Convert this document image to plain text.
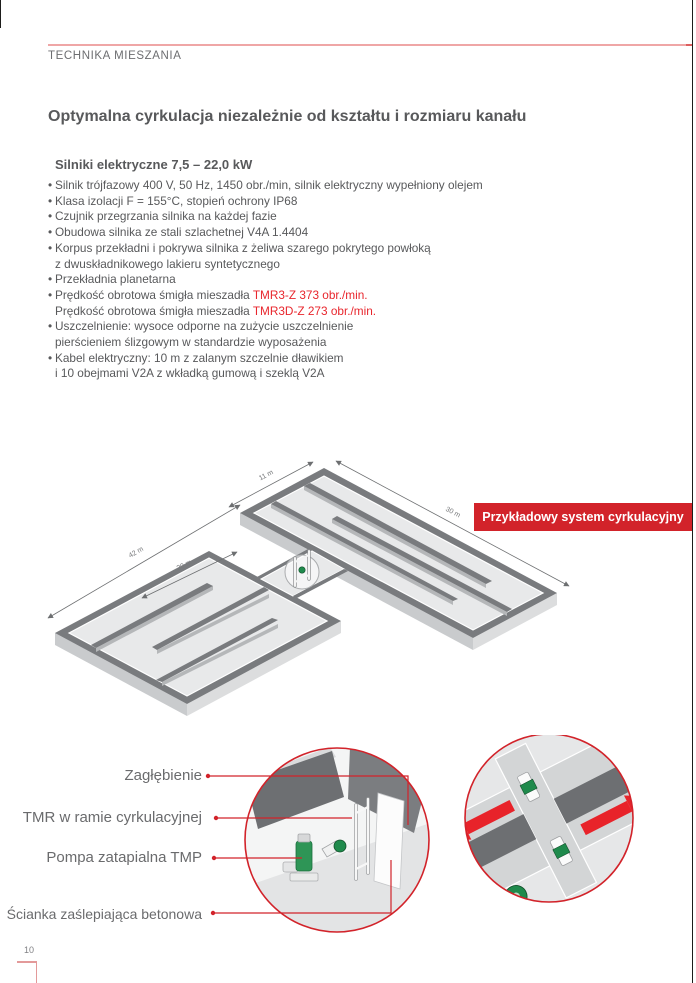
TECHNIKA MIESZANIA
Optymalna cyrkulacja niezależnie od kształtu i rozmiaru kanału
Silniki elektryczne 7,5 – 22,0 kW
• Silnik trójfazowy 400 V, 50 Hz, 1450 obr./min, silnik elektryczny wypełniony olejem
• Klasa izolacji F = 155°C, stopień ochrony IP68
• Czujnik przegrzania silnika na każdej fazie
• Obudowa silnika ze stali szlachetnej V4A 1.4404
• Korpus przekładni i pokrywa silnika z żeliwa szarego pokrytego powłoką
z dwuskładnikowego lakieru syntetycznego
• Przekładnia planetarna
• Prędkość obrotowa śmigła mieszadła TMR3-Z 373 obr./min.
Prędkość obrotowa śmigła mieszadła TMR3D-Z 273 obr./min.
• Uszczelnienie: wysoce odporne na zużycie uszczelnienie
pierścieniem ślizgowym w standardzie wyposażenia
• Kabel elektryczny: 10 m z zalanym szczelnie dławikiem
i 10 obejmami V2A z wkładką gumową i szeklą V2A
Przykładowy system cyrkulacyjny
42 m
20 m
11 m
30 m
Zagłębienie
TMR w ramie cyrkulacyjnej
Pompa zatapialna TMP
Ścianka zaślepiająca betonowa
10
